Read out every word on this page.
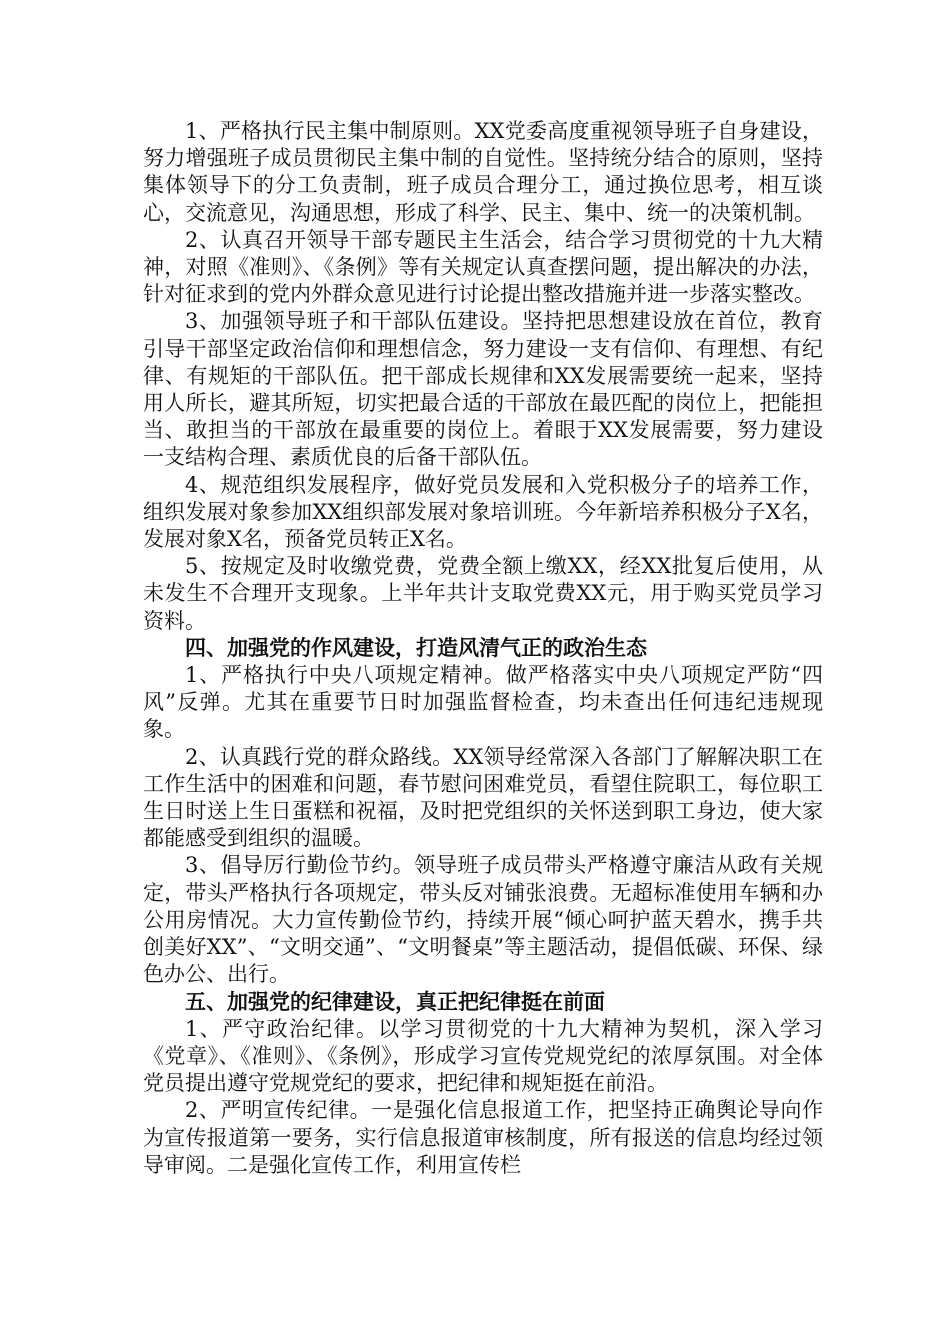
1、严格执行民主集中制原则。XX党委高度重视领导班子自身建设，努力增强班子成员贯彻民主集中制的自觉性。坚持统分结合的原则，坚持集体领导下的分工负责制，班子成员合理分工，通过换位思考，相互谈心，交流意见，沟通思想，形成了科学、民主、集中、统一的决策机制。

2、认真召开领导干部专题民主生活会，结合学习贯彻党的十九大精神，对照《准则》、《条例》等有关规定认真查摆问题，提出解决的办法，针对征求到的党内外群众意见进行讨论提出整改措施并进一步落实整改。

3、加强领导班子和干部队伍建设。坚持把思想建设放在首位，教育引导干部坚定政治信仰和理想信念，努力建设一支有信仰、有理想、有纪律、有规矩的干部队伍。把干部成长规律和XX发展需要统一起来，坚持用人所长，避其所短，切实把最合适的干部放在最匹配的岗位上，把能担当、敢担当的干部放在最重要的岗位上。着眼于XX发展需要，努力建设一支结构合理、素质优良的后备干部队伍。

4、规范组织发展程序，做好党员发展和入党积极分子的培养工作，组织发展对象参加XX组织部发展对象培训班。今年新培养积极分子X名，发展对象X名，预备党员转正X名。

5、按规定及时收缴党费，党费全额上缴XX，经XX批复后使用，从未发生不合理开支现象。上半年共计支取党费XX元，用于购买党员学习资料。

四、加强党的作风建设，打造风清气正的政治生态

1、严格执行中央八项规定精神。做严格落实中央八项规定严防“四风”反弹。尤其在重要节日时加强监督检查，均未查出任何违纪违规现象。

2、认真践行党的群众路线。XX领导经常深入各部门了解解决职工在工作生活中的困难和问题，春节慰问困难党员，看望住院职工，每位职工生日时送上生日蛋糕和祝福，及时把党组织的关怀送到职工身边，使大家都能感受到组织的温暖。

3、倡导厉行勤俭节约。领导班子成员带头严格遵守廉洁从政有关规定，带头严格执行各项规定，带头反对铺张浪费。无超标准使用车辆和办公用房情况。大力宣传勤俭节约，持续开展“倾心呵护蓝天碧水，携手共创美好XX”、“文明交通”、“文明餐桌”等主题活动，提倡低碳、环保、绿色办公、出行。

五、加强党的纪律建设，真正把纪律挺在前面

1、严守政治纪律。以学习贯彻党的十九大精神为契机，深入学习《党章》、《准则》、《条例》，形成学习宣传党规党纪的浓厚氛围。对全体党员提出遵守党规党纪的要求，把纪律和规矩挺在前沿。

2、严明宣传纪律。一是强化信息报道工作，把坚持正确舆论导向作为宣传报道第一要务，实行信息报道审核制度，所有报送的信息均经过领导审阅。二是强化宣传工作，利用宣传栏
